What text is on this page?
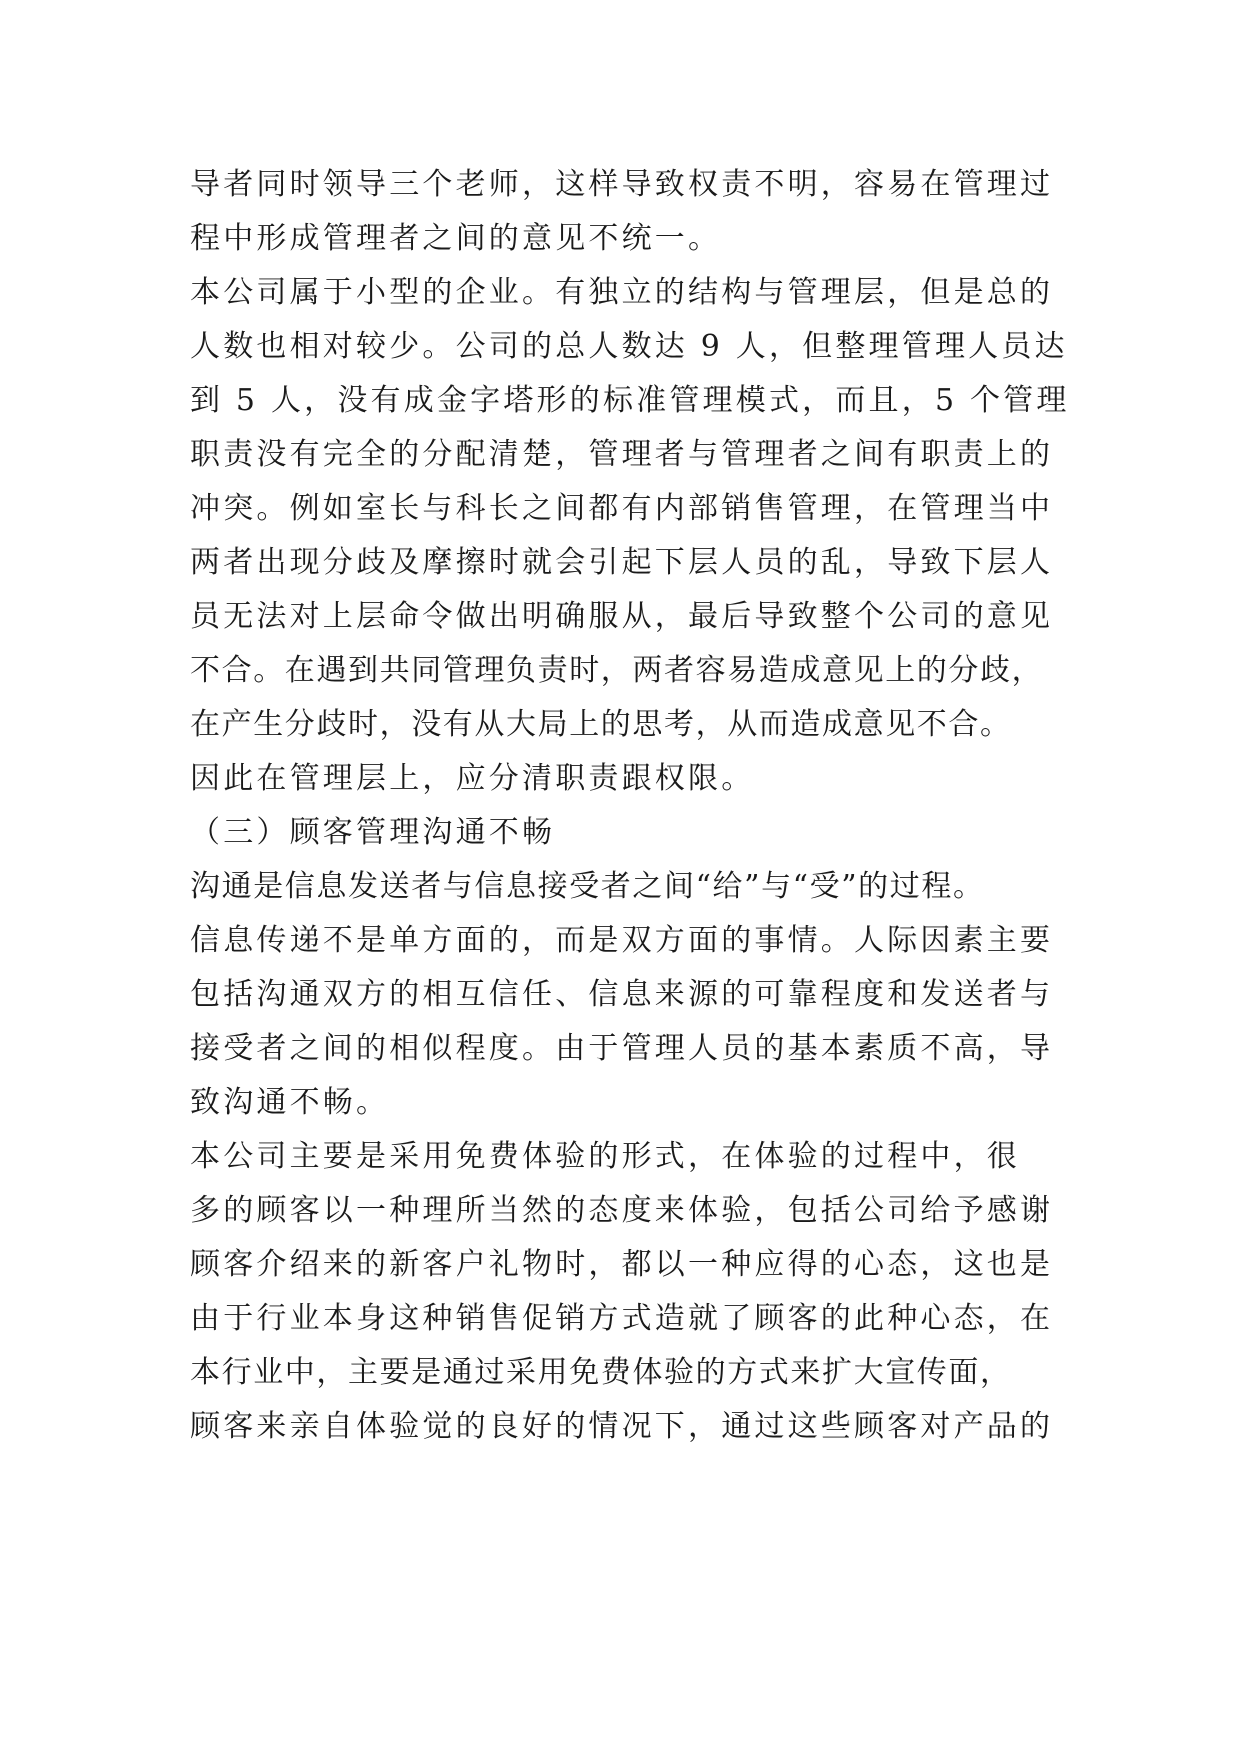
导者同时领导三个老师，这样导致权责不明，容易在管理过
程中形成管理者之间的意见不统一。
本公司属于小型的企业。有独立的结构与管理层，但是总的
人数也相对较少。公司的总人数达 9 人，但整理管理人员达
到 5 人，没有成金字塔形的标准管理模式，而且，5 个管理
职责没有完全的分配清楚，管理者与管理者之间有职责上的
冲突。例如室长与科长之间都有内部销售管理，在管理当中
两者出现分歧及摩擦时就会引起下层人员的乱，导致下层人
员无法对上层命令做出明确服从，最后导致整个公司的意见
不合。在遇到共同管理负责时，两者容易造成意见上的分歧，
在产生分歧时，没有从大局上的思考，从而造成意见不合。
因此在管理层上，应分清职责跟权限。
（三）顾客管理沟通不畅
沟通是信息发送者与信息接受者之间“给”与“受”的过程。
信息传递不是单方面的，而是双方面的事情。人际因素主要
包括沟通双方的相互信任、信息来源的可靠程度和发送者与
接受者之间的相似程度。由于管理人员的基本素质不高，导
致沟通不畅。
本公司主要是采用免费体验的形式，在体验的过程中，很
多的顾客以一种理所当然的态度来体验，包括公司给予感谢
顾客介绍来的新客户礼物时，都以一种应得的心态，这也是
由于行业本身这种销售促销方式造就了顾客的此种心态，在
本行业中，主要是通过采用免费体验的方式来扩大宣传面，
顾客来亲自体验觉的良好的情况下，通过这些顾客对产品的
